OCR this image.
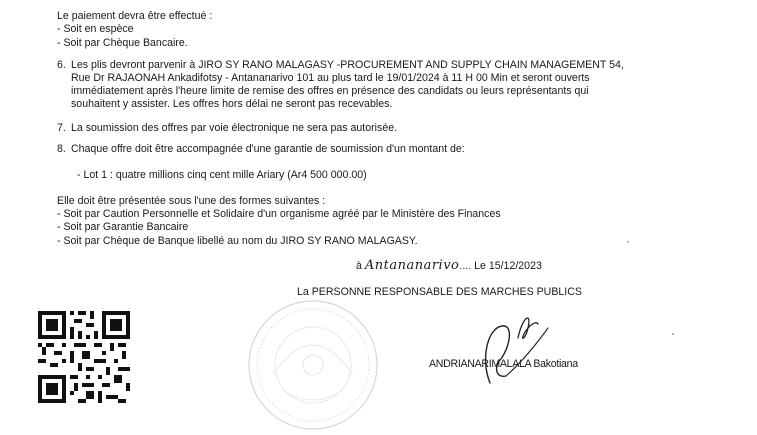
Le paiement devra être effectué :
- Soit en espèce
- Soit par Chèque Bancaire.
6. Les plis devront parvenir à JIRO SY RANO MALAGASY -PROCUREMENT AND SUPPLY CHAIN MANAGEMENT 54,
Rue Dr RAJAONAH Ankadifotsy - Antananarivo 101 au plus tard le 19/01/2024 à 11 H 00 Min et seront ouverts
immédiatement après l'heure limite de remise des offres en présence des candidats ou leurs représentants qui
souhaitent y assister. Les offres hors délai ne seront pas recevables.
7. La soumission des offres par voie électronique ne sera pas autorisée.
8. Chaque offre doit être accompagnée d'une garantie de soumission d'un montant de:
- Lot 1 : quatre millions cinq cent mille Ariary (Ar4 500 000.00)
Elle doit être présentée sous l'une des formes suivantes :
- Soit par Caution Personnelle et Solidaire d'un organisme agréé par le Ministère des Finances
- Soit par Garantie Bancaire
- Soit par Chèque de Banque libellé au nom du JIRO SY RANO MALAGASY.
à Antananarivo.... Le 15/12/2023
La PERSONNE RESPONSABLE DES MARCHES PUBLICS
ANDRIANARIMALALA Bakotiana
